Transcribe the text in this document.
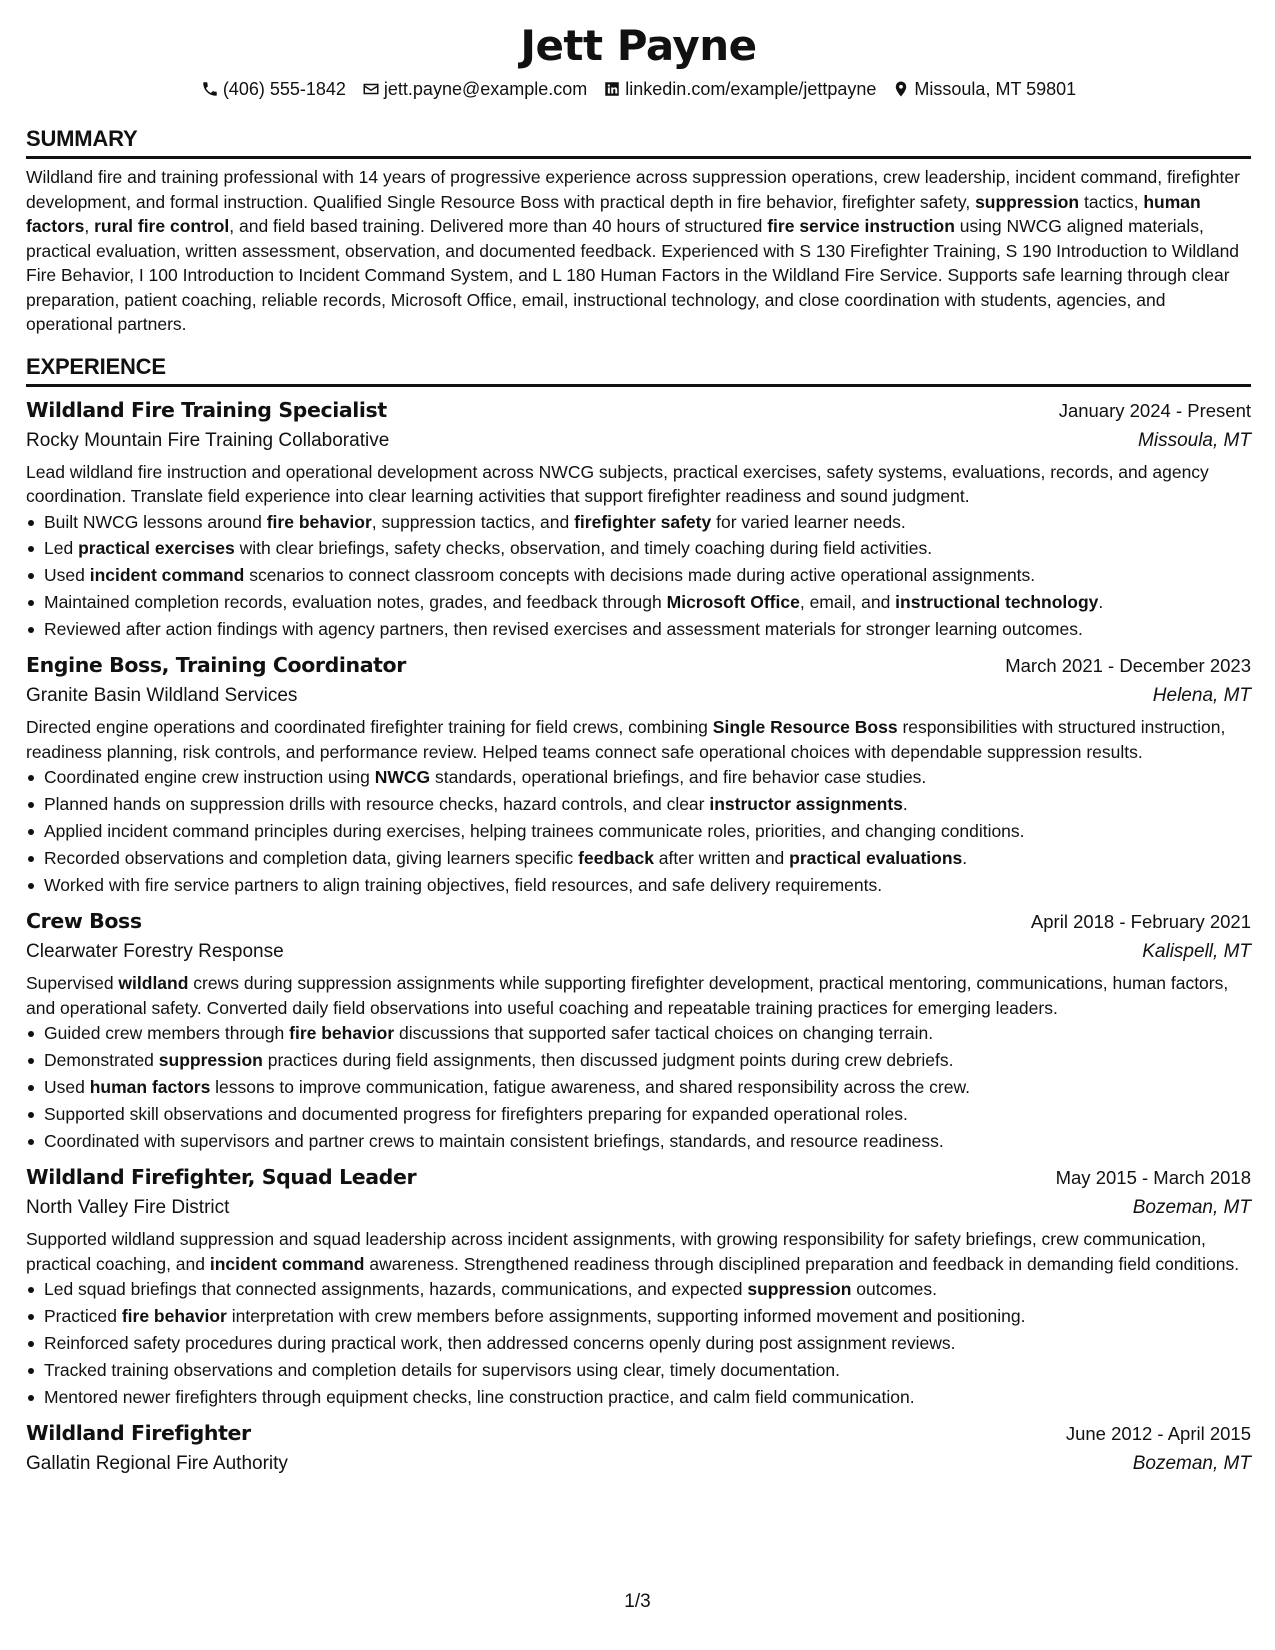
Jett Payne
(406) 555-1842 jett.payne@example.com linkedin.com/example/jettpayne Missoula, MT 59801
SUMMARY
Wildland fire and training professional with 14 years of progressive experience across suppression operations, crew leadership, incident command, firefighter development, and formal instruction. Qualified Single Resource Boss with practical depth in fire behavior, firefighter safety, suppression tactics, human factors, rural fire control, and field based training. Delivered more than 40 hours of structured fire service instruction using NWCG aligned materials, practical evaluation, written assessment, observation, and documented feedback. Experienced with S 130 Firefighter Training, S 190 Introduction to Wildland Fire Behavior, I 100 Introduction to Incident Command System, and L 180 Human Factors in the Wildland Fire Service. Supports safe learning through clear preparation, patient coaching, reliable records, Microsoft Office, email, instructional technology, and close coordination with students, agencies, and operational partners.
EXPERIENCE
Wildland Fire Training Specialist	January 2024 - Present
Rocky Mountain Fire Training Collaborative	Missoula, MT
Lead wildland fire instruction and operational development across NWCG subjects, practical exercises, safety systems, evaluations, records, and agency coordination. Translate field experience into clear learning activities that support firefighter readiness and sound judgment.
Built NWCG lessons around fire behavior, suppression tactics, and firefighter safety for varied learner needs.
Led practical exercises with clear briefings, safety checks, observation, and timely coaching during field activities.
Used incident command scenarios to connect classroom concepts with decisions made during active operational assignments.
Maintained completion records, evaluation notes, grades, and feedback through Microsoft Office, email, and instructional technology.
Reviewed after action findings with agency partners, then revised exercises and assessment materials for stronger learning outcomes.
Engine Boss, Training Coordinator	March 2021 - December 2023
Granite Basin Wildland Services	Helena, MT
Directed engine operations and coordinated firefighter training for field crews, combining Single Resource Boss responsibilities with structured instruction, readiness planning, risk controls, and performance review. Helped teams connect safe operational choices with dependable suppression results.
Coordinated engine crew instruction using NWCG standards, operational briefings, and fire behavior case studies.
Planned hands on suppression drills with resource checks, hazard controls, and clear instructor assignments.
Applied incident command principles during exercises, helping trainees communicate roles, priorities, and changing conditions.
Recorded observations and completion data, giving learners specific feedback after written and practical evaluations.
Worked with fire service partners to align training objectives, field resources, and safe delivery requirements.
Crew Boss	April 2018 - February 2021
Clearwater Forestry Response	Kalispell, MT
Supervised wildland crews during suppression assignments while supporting firefighter development, practical mentoring, communications, human factors, and operational safety. Converted daily field observations into useful coaching and repeatable training practices for emerging leaders.
Guided crew members through fire behavior discussions that supported safer tactical choices on changing terrain.
Demonstrated suppression practices during field assignments, then discussed judgment points during crew debriefs.
Used human factors lessons to improve communication, fatigue awareness, and shared responsibility across the crew.
Supported skill observations and documented progress for firefighters preparing for expanded operational roles.
Coordinated with supervisors and partner crews to maintain consistent briefings, standards, and resource readiness.
Wildland Firefighter, Squad Leader	May 2015 - March 2018
North Valley Fire District	Bozeman, MT
Supported wildland suppression and squad leadership across incident assignments, with growing responsibility for safety briefings, crew communication, practical coaching, and incident command awareness. Strengthened readiness through disciplined preparation and feedback in demanding field conditions.
Led squad briefings that connected assignments, hazards, communications, and expected suppression outcomes.
Practiced fire behavior interpretation with crew members before assignments, supporting informed movement and positioning.
Reinforced safety procedures during practical work, then addressed concerns openly during post assignment reviews.
Tracked training observations and completion details for supervisors using clear, timely documentation.
Mentored newer firefighters through equipment checks, line construction practice, and calm field communication.
Wildland Firefighter	June 2012 - April 2015
Gallatin Regional Fire Authority	Bozeman, MT
1/3
